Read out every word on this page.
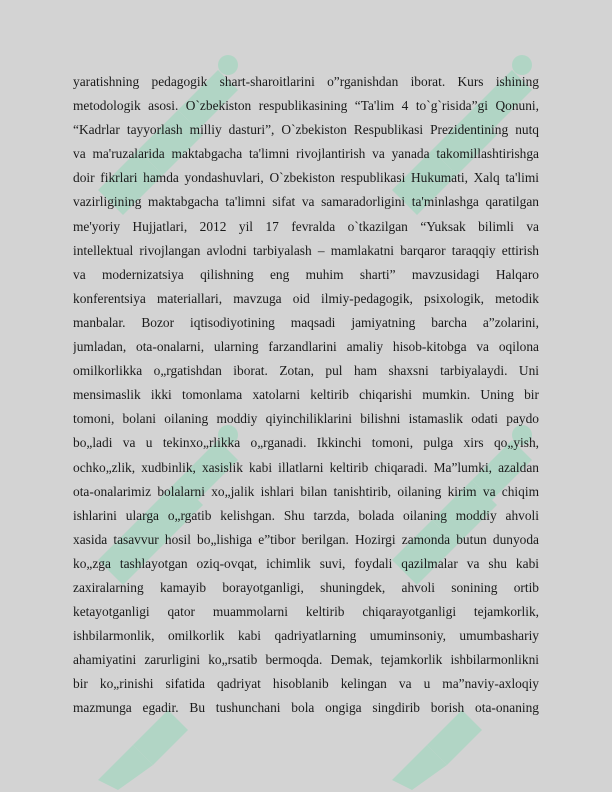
yaratishning pedagogik shart-sharoitlarini o”rganishdan iborat. Kurs ishining
metodologik asosi. O`zbekiston respublikasining “Ta'lim 4 to`g`risida”gi Qonuni,
“Kadrlar tayyorlash milliy dasturi”, O`zbekiston Respublikasi Prezidentining nutq
va ma'ruzalarida maktabgacha ta'limni rivojlantirish va yanada takomillashtirishga
doir fikrlari hamda yondashuvlari, O`zbekiston respublikasi Hukumati, Xalq ta'limi
vazirligining maktabgacha ta'limni sifat va samaradorligini ta'minlashga qaratilgan
me'yoriy Hujjatlari, 2012 yil 17 fevralda o`tkazilgan “Yuksak bilimli va
intellektual rivojlangan avlodni tarbiyalash – mamlakatni barqaror taraqqiy ettirish
va modernizatsiya qilishning eng muhim sharti” mavzusidagi Halqaro
konferentsiya materiallari, mavzuga oid ilmiy-pedagogik, psixologik, metodik
manbalar. Bozor iqtisodiyotining maqsadi jamiyatning barcha a”zolarini,
jumladan, ota-onalarni, ularning farzandlarini amaliy hisob-kitobga va oqilona
omilkorlikka o„rgatishdan iborat. Zotan, pul ham shaxsni tarbiyalaydi. Uni
mensimaslik ikki tomonlama xatolarni keltirib chiqarishi mumkin. Uning bir
tomoni, bolani oilaning moddiy qiyinchiliklarini bilishni istamaslik odati paydo
bo„ladi va u tekinxo„rlikka o„rganadi. Ikkinchi tomoni, pulga xirs qo„yish,
ochko„zlik, xudbinlik, xasislik kabi illatlarni keltirib chiqaradi. Ma”lumki, azaldan
ota-onalarimiz bolalarni xo„jalik ishlari bilan tanishtirib, oilaning kirim va chiqim
ishlarini ularga o„rgatib kelishgan. Shu tarzda, bolada oilaning moddiy ahvoli
xasida tasavvur hosil bo„lishiga e”tibor berilgan. Hozirgi zamonda butun dunyoda
ko„zga tashlayotgan oziq-ovqat, ichimlik suvi, foydali qazilmalar va shu kabi
zaxiralarning kamayib borayotganligi, shuningdek, ahvoli sonining ortib
ketayotganligi qator muammolarni keltirib chiqarayotganligi tejamkorlik,
ishbilarmonlik, omilkorlik kabi qadriyatlarning umuminsoniy, umumbashariy
ahamiyatini zarurligini ko„rsatib bermoqda. Demak, tejamkorlik ishbilarmonlikni
bir ko„rinishi sifatida qadriyat hisoblanib kelingan va u ma”naviy-axloqiy
mazmunga egadir. Bu tushunchani bola ongiga singdirib borish ota-onaning
